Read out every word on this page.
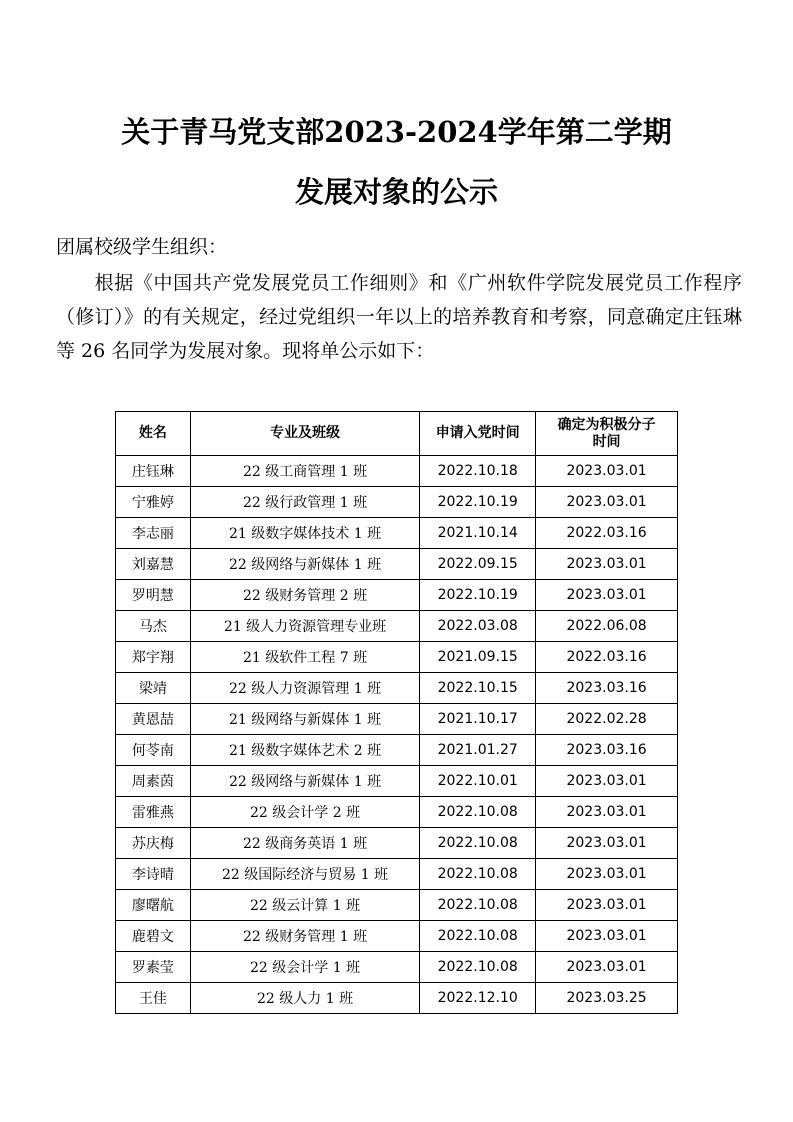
关于青马党支部2023-2024学年第二学期
发展对象的公示
团属校级学生组织：
根据《中国共产党发展党员工作细则》和《广州软件学院发展党员工作程序（修订）》的有关规定，经过党组织一年以上的培养教育和考察，同意确定庄钰琳等 26 名同学为发展对象。现将单公示如下：
姓名	专业及班级	申请入党时间	确定为积极分子时间
庄钰琳	22 级工商管理 1 班	2022.10.18	2023.03.01
宁雅婷	22 级行政管理 1 班	2022.10.19	2023.03.01
李志丽	21 级数字媒体技术 1 班	2021.10.14	2022.03.16
刘嘉慧	22 级网络与新媒体 1 班	2022.09.15	2023.03.01
罗明慧	22 级财务管理 2 班	2022.10.19	2023.03.01
马杰	21 级人力资源管理专业班	2022.03.08	2022.06.08
郑宇翔	21 级软件工程 7 班	2021.09.15	2022.03.16
梁靖	22 级人力资源管理 1 班	2022.10.15	2023.03.16
黄恩喆	21 级网络与新媒体 1 班	2021.10.17	2022.02.28
何苓南	21 级数字媒体艺术 2 班	2021.01.27	2023.03.16
周素茵	22 级网络与新媒体 1 班	2022.10.01	2023.03.01
雷雅燕	22 级会计学 2 班	2022.10.08	2023.03.01
苏庆梅	22 级商务英语 1 班	2022.10.08	2023.03.01
李诗晴	22 级国际经济与贸易 1 班	2022.10.08	2023.03.01
廖曙航	22 级云计算 1 班	2022.10.08	2023.03.01
鹿碧文	22 级财务管理 1 班	2022.10.08	2023.03.01
罗素莹	22 级会计学 1 班	2022.10.08	2023.03.01
王佳	22 级人力 1 班	2022.12.10	2023.03.25
